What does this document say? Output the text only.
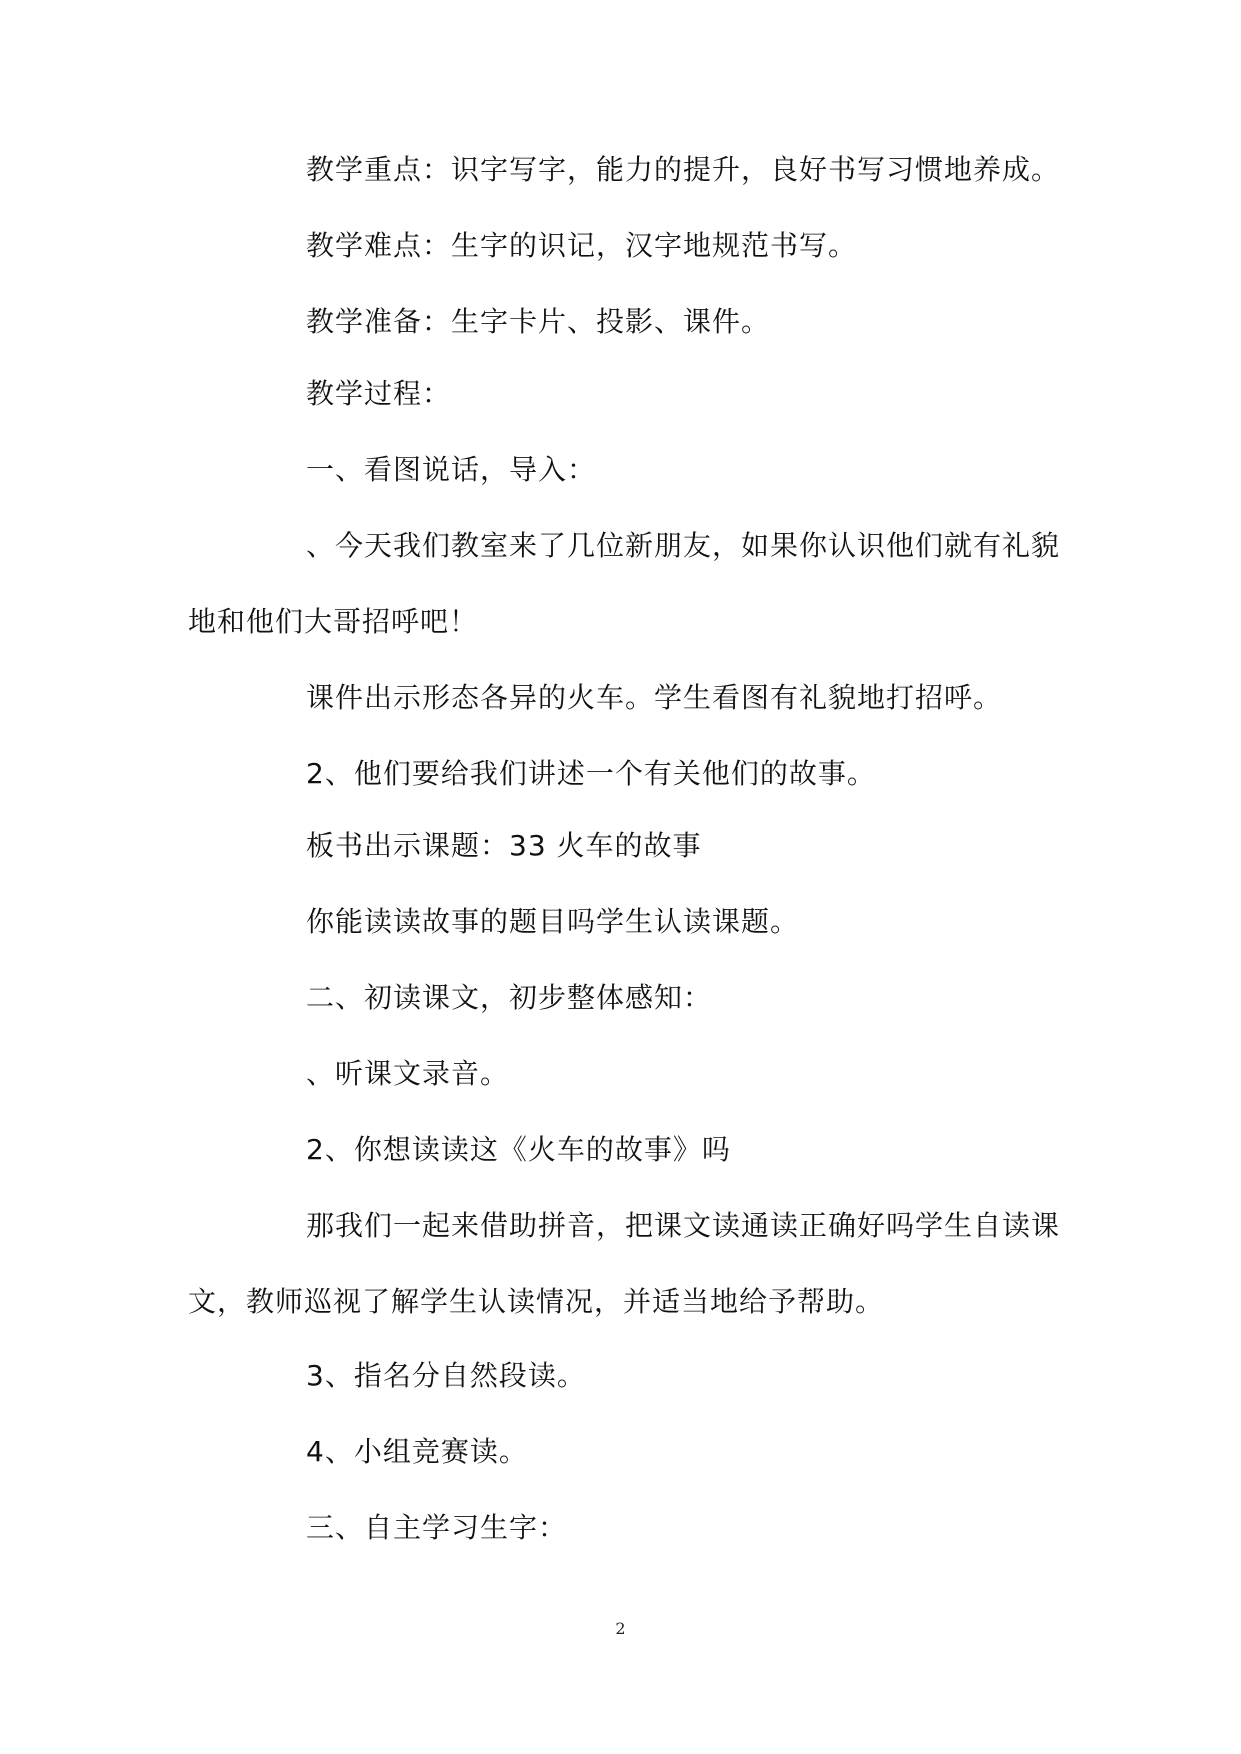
教学重点：识字写字，能力的提升，良好书写习惯地养成。

教学难点：生字的识记，汉字地规范书写。

教学准备：生字卡片、投影、课件。

教学过程：

一、看图说话，导入：

、今天我们教室来了几位新朋友，如果你认识他们就有礼貌

地和他们大哥招呼吧！

课件出示形态各异的火车。学生看图有礼貌地打招呼。

2、他们要给我们讲述一个有关他们的故事。

板书出示课题：33 火车的故事

你能读读故事的题目吗学生认读课题。

二、初读课文，初步整体感知：

、听课文录音。

2、你想读读这《火车的故事》吗

那我们一起来借助拼音，把课文读通读正确好吗学生自读课

文，教师巡视了解学生认读情况，并适当地给予帮助。

3、指名分自然段读。

4、小组竞赛读。

三、自主学习生字：

2
